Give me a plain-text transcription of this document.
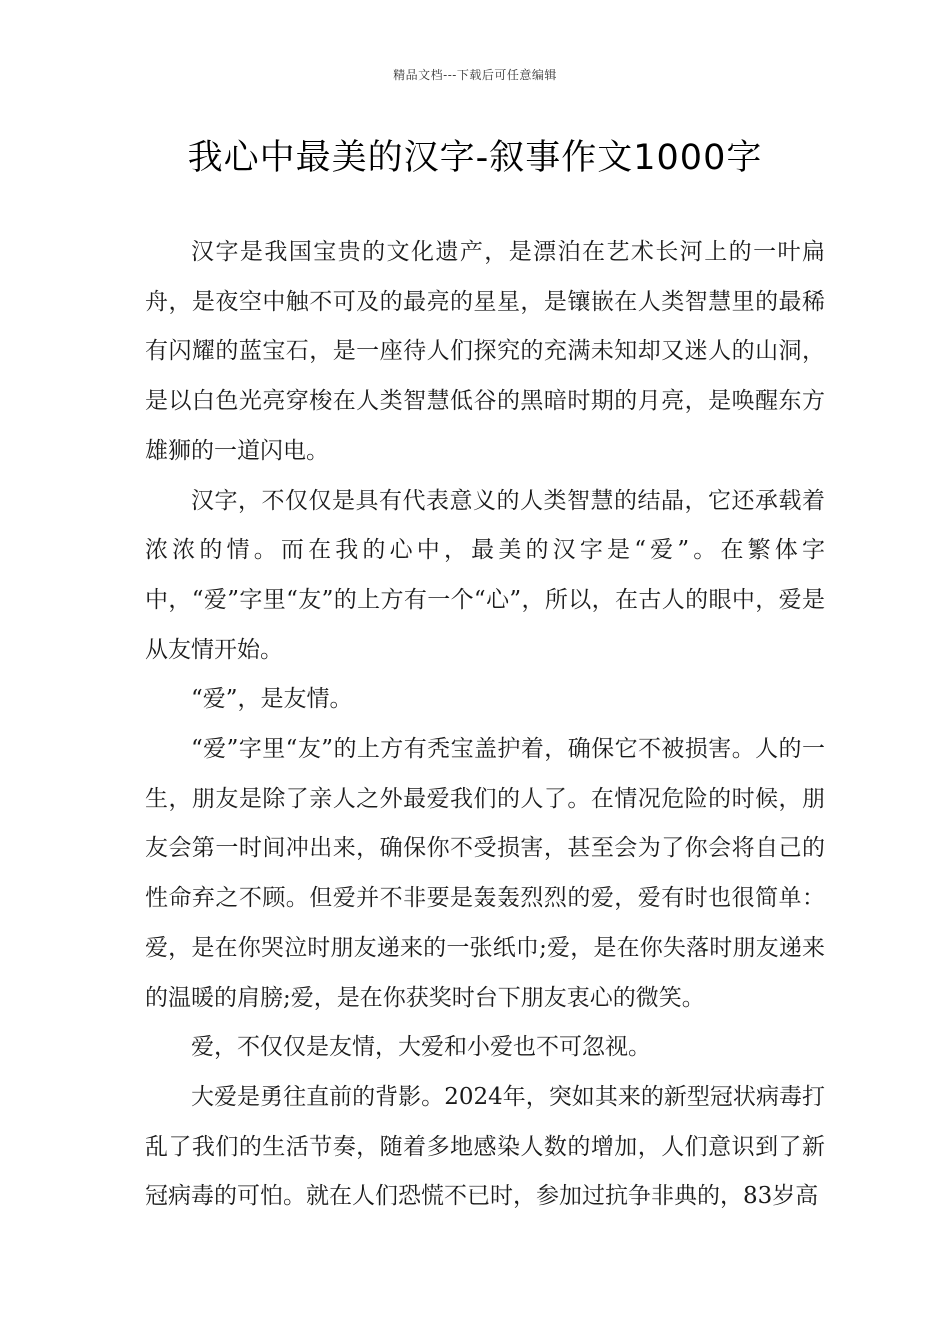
精品文档---下载后可任意编辑
我心中最美的汉字-叙事作文1000字

汉字是我国宝贵的文化遗产，是漂泊在艺术长河上的一叶扁舟，是夜空中触不可及的最亮的星星，是镶嵌在人类智慧里的最稀有闪耀的蓝宝石，是一座待人们探究的充满未知却又迷人的山洞，是以白色光亮穿梭在人类智慧低谷的黑暗时期的月亮，是唤醒东方雄狮的一道闪电。

汉字，不仅仅是具有代表意义的人类智慧的结晶，它还承载着浓浓的情。而在我的心中，最美的汉字是“爱”。在繁体字中，“爱”字里“友”的上方有一个“心”，所以，在古人的眼中，爱是从友情开始。

“爱”，是友情。

“爱”字里“友”的上方有秃宝盖护着，确保它不被损害。人的一生，朋友是除了亲人之外最爱我们的人了。在情况危险的时候，朋友会第一时间冲出来，确保你不受损害，甚至会为了你会将自己的性命弃之不顾。但爱并不非要是轰轰烈烈的爱，爱有时也很简单：爱，是在你哭泣时朋友递来的一张纸巾;爱，是在你失落时朋友递来的温暖的肩膀;爱，是在你获奖时台下朋友衷心的微笑。

爱，不仅仅是友情，大爱和小爱也不可忽视。

大爱是勇往直前的背影。2024年，突如其来的新型冠状病毒打乱了我们的生活节奏，随着多地感染人数的增加，人们意识到了新冠病毒的可怕。就在人们恐慌不已时，参加过抗争非典的，83岁高
